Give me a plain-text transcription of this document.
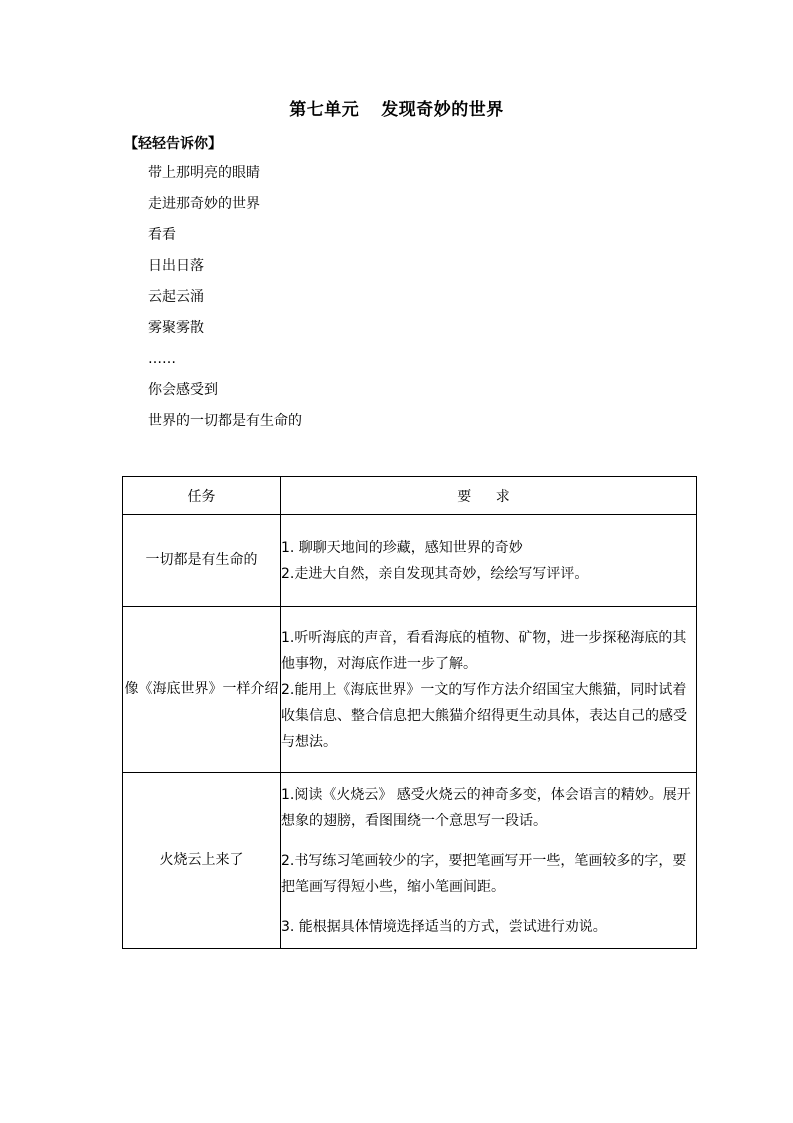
第七单元 发现奇妙的世界
【轻轻告诉你】
带上那明亮的眼睛
走进那奇妙的世界
看看
日出日落
云起云涌
雾聚雾散
……
你会感受到
世界的一切都是有生命的
任务	要 求
一切都是有生命的	1. 聊聊天地间的珍藏，感知世界的奇妙

2.走进大自然，亲自发现其奇妙，绘绘写写评评。

像《海底世界》一样介绍	1.听听海底的声音，看看海底的植物、矿物，进一步探秘海底的其他事物，对海底作进一步了解。

2.能用上《海底世界》一文的写作方法介绍国宝大熊猫，同时试着收集信息、整合信息把大熊猫介绍得更生动具体，表达自己的感受与想法。

火烧云上来了	1.阅读《火烧云》 感受火烧云的神奇多变，体会语言的精妙。展开想象的翅膀，看图围绕一个意思写一段话。

2.书写练习笔画较少的字，要把笔画写开一些，笔画较多的字，要把笔画写得短小些，缩小笔画间距。

3. 能根据具体情境选择适当的方式，尝试进行劝说。
